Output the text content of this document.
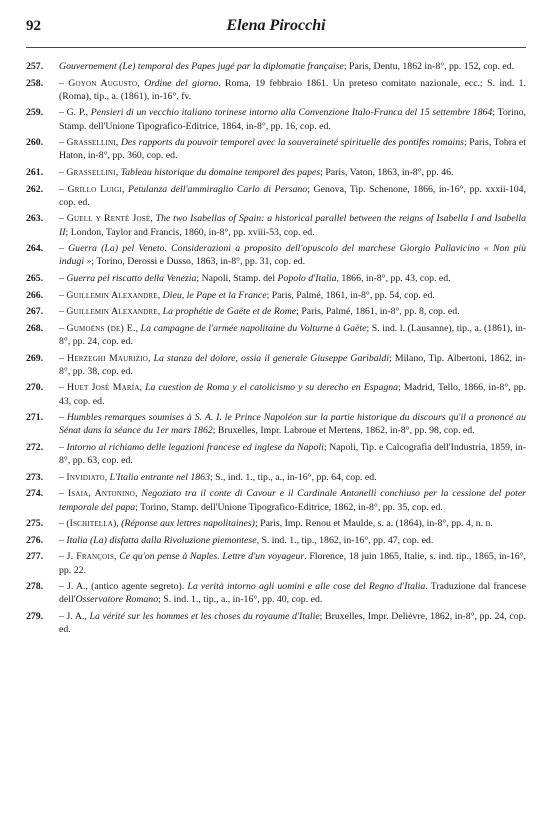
92	Elena Pirocchi
257.	Gouvernement (Le) temporal des Papes jugé par la diplomatie française; Paris, Dentu, 1862 in-8°, pp. 152, cop. ed.
258.	– Goyon Augusto, Ordine del giorno. Roma, 19 febbraio 1861. Un preteso comitato nazionale, ecc.; S. ind. 1. (Roma), tip., a. (1861), in-16°, fv.
259.	– G. P., Pensieri di un vecchio italiano torinese intorno alla Convenzione Italo-Franca del 15 settembre 1864; Torino, Stamp. dell'Unione Tipografico-Editrice, 1864, in-8°, pp. 16, cop. ed.
260.	– Grassellini, Des rapports du pouvoir temporel avec la souveraineté spirituelle des pontifes romains; Paris, Tobra et Haton, in-8°, pp. 360, cop. ed.
261.	– Grassellini, Tableau historique du domaine temporel des papes; Paris, Vaton, 1863, in-8°, pp. 46.
262.	– Grillo Luigi, Petulanza dell'ammiraglio Carlo di Persano; Genova, Tip. Schenone, 1866, in-16°, pp. xxxii-104, cop. ed.
263.	– Guell y Renté José, The two Isabellas of Spain: a historical parallel between the reigns of Isabella I and Isabella II; London, Taylor and Francis, 1860, in-8°, pp. xviii-53, cop. ed.
264.	– Guerra (La) pel Veneto. Considerazioni a proposito dell'opuscolo del marchese Giorgio Pallavicino « Non più indugi »; Torino, Derossi e Dusso, 1863, in-8°, pp. 31, cop. ed.
265.	– Guerra pel riscatto della Venezia; Napoli, Stamp. del Popolo d'Italia, 1866, in-8°, pp. 43, cop. ed.
266.	– Guillemin Alexandre, Dieu, le Pape et la France; Paris, Palmé, 1861, in-8°, pp. 54, cop. ed.
267.	– Guillemin Alexandre, La prophétie de Gaëte et de Rome; Paris, Palmé, 1861, in-8°, pp. 8, cop. ed.
268.	– Gumoëns (de) E., La campagne de l'armée napolitaine du Volturne à Gaëte; S. ind. l. (Lausanne), tip., a. (1861), in-8°, pp. 24, cop. ed.
269.	– Herzeghi Maurizio, La stanza del dolore, ossia il generale Giuseppe Garibaldi; Milano, Tip. Albertoni, 1862, in-8°, pp. 38, cop. ed.
270.	– Huet José María, La cuestion de Roma y el catolicismo y su derecho en Espagna; Madrid, Tello, 1866, in-8°, pp. 43, cop. ed.
271.	– Humbles remarques soumises à S. A. I. le Prince Napoléon sur la partie historique du discours qu'il a prononcé au Sénat dans la séance du 1er mars 1862; Bruxelles, Impr. Labroue et Mertens, 1862, in-8°, pp. 98, cop. ed.
272.	– Intorno al richiamo delle legazioni francese ed inglese da Napoli; Napoli, Tip. e Calcografia dell'Industria, 1859, in-8°, pp. 63, cop. ed.
273.	– Invidiato, L'Italia entrante nel 1863; S., ind. 1., tip., a., in-16°, pp. 64, cop. ed.
274.	– Isaia, Antonino, Negoziato tra il conte di Cavour e il Cardinale Antonelli conchiuso per la cessione del poter temporale del papa; Torino, Stamp. dell'Unione Tipografico-Editrice, 1862, in-8°, pp. 35, cop. ed.
275.	– (Ischitella), (Réponse aux lettres napolitaines); Paris, Imp. Renou et Maulde, s. a. (1864), in-8°, pp. 4, n. n.
276.	– Italia (La) disfatta dalla Rivoluzione piemontese, S. ind. 1., tip., 1862, in-16°, pp. 47, cop. ed.
277.	– J. François, Ce qu'on pense à Naples. Lettre d'un voyageur. Florence, 18 juin 1865, Italie, s. ind. tip., 1865, in-16°, pp. 22.
278.	– J. A., (antico agente segreto). La verità intorno agli uomini e alle cose del Regno d'Italia. Traduzione dal francese dell'Osservatore Romano; S. ind. 1., tip., a., in-16°, pp. 40, cop. ed.
279.	– J. A., La vérité sur les hommes et les choses du royaume d'Italie; Bruxelles, Impr. Delièvre, 1862, in-8°, pp. 24, cop. ed.
